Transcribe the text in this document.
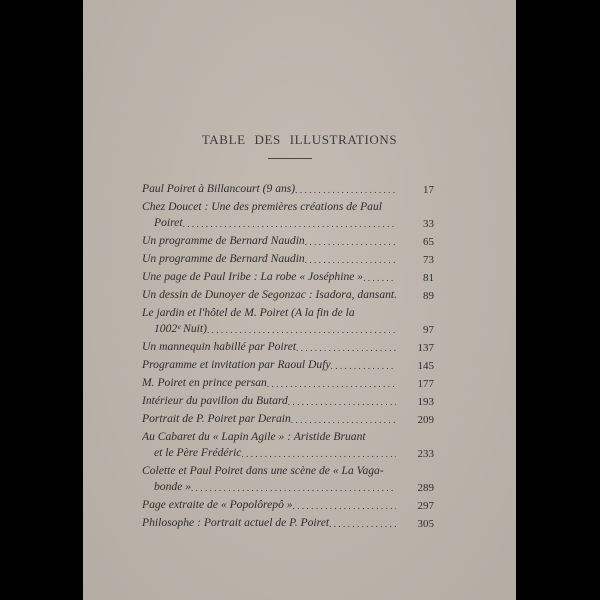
TABLE DES ILLUSTRATIONS
Paul Poiret à Billancourt (9 ans) .....	17
Chez Doucet : Une des premières créations de Paul
Poiret .....	33
Un programme de Bernard Naudin .....	65
Un programme de Bernard Naudin .....	73
Une page de Paul Iribe : La robe « Joséphine » .....	81
Un dessin de Dunoyer de Segonzac : Isadora, dansant.	89
Le jardin et l'hôtel de M. Poiret (A la fin de la
1002ᵉ Nuit) .....	97
Un mannequin habillé par Poiret .....	137
Programme et invitation par Raoul Dufy .....	145
M. Poiret en prince persan .....	177
Intérieur du pavillon du Butard .....	193
Portrait de P. Poiret par Derain .....	209
Au Cabaret du « Lapin Agile » : Aristide Bruant
et le Père Frédéric .....	233
Colette et Paul Poiret dans une scène de « La Vaga-
bonde » .....	289
Page extraite de « Popolôrepô » .....	297
Philosophe : Portrait actuel de P. Poiret .....	305
